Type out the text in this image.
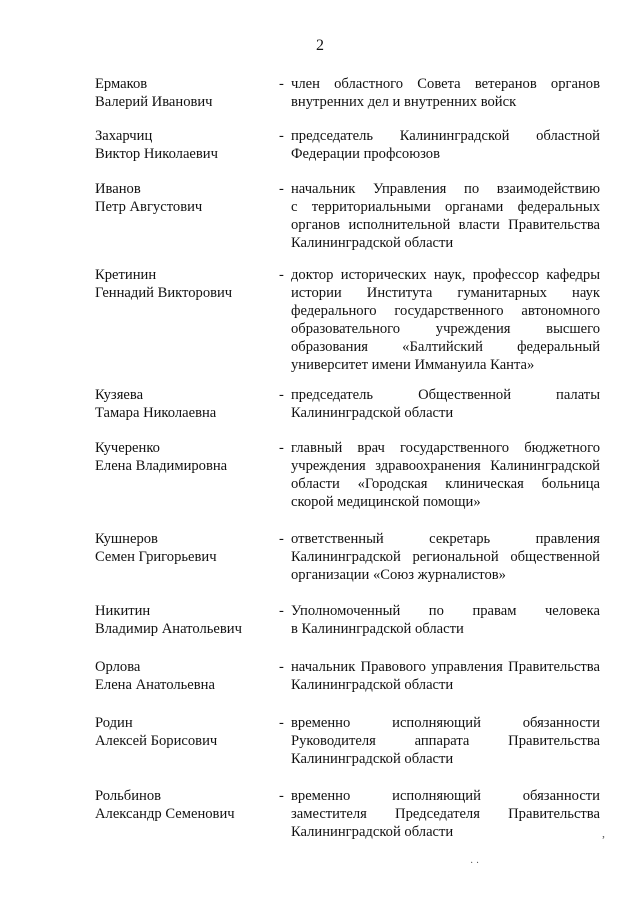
2
Ермаков
Валерий Иванович
- член областного Совета ветеранов органов
внутренних дел и внутренних войск
Захарчиц
Виктор Николаевич
- председатель Калининградской областной
Федерации профсоюзов
Иванов
Петр Августович
- начальник Управления по взаимодействию
с территориальными органами федеральных
органов исполнительной власти Правительства
Калининградской области
Кретинин
Геннадий Викторович
- доктор исторических наук, профессор кафедры
истории Института гуманитарных наук
федерального государственного автономного
образовательного учреждения высшего
образования «Балтийский федеральный
университет имени Иммануила Канта»
Кузяева
Тамара Николаевна
- председатель Общественной палаты
Калининградской области
Кучеренко
Елена Владимировна
- главный врач государственного бюджетного
учреждения здравоохранения Калининградской
области «Городская клиническая больница
скорой медицинской помощи»
Кушнеров
Семен Григорьевич
- ответственный секретарь правления
Калининградской региональной общественной
организации «Союз журналистов»
Никитин
Владимир Анатольевич
- Уполномоченный по правам человека
в Калининградской области
Орлова
Елена Анатольевна
- начальник Правового управления Правительства
Калининградской области
Родин
Алексей Борисович
- временно исполняющий обязанности
Руководителя аппарата Правительства
Калининградской области
Рольбинов
Александр Семенович
- временно исполняющий обязанности
заместителя Председателя Правительства
Калининградской области	,
· ·
